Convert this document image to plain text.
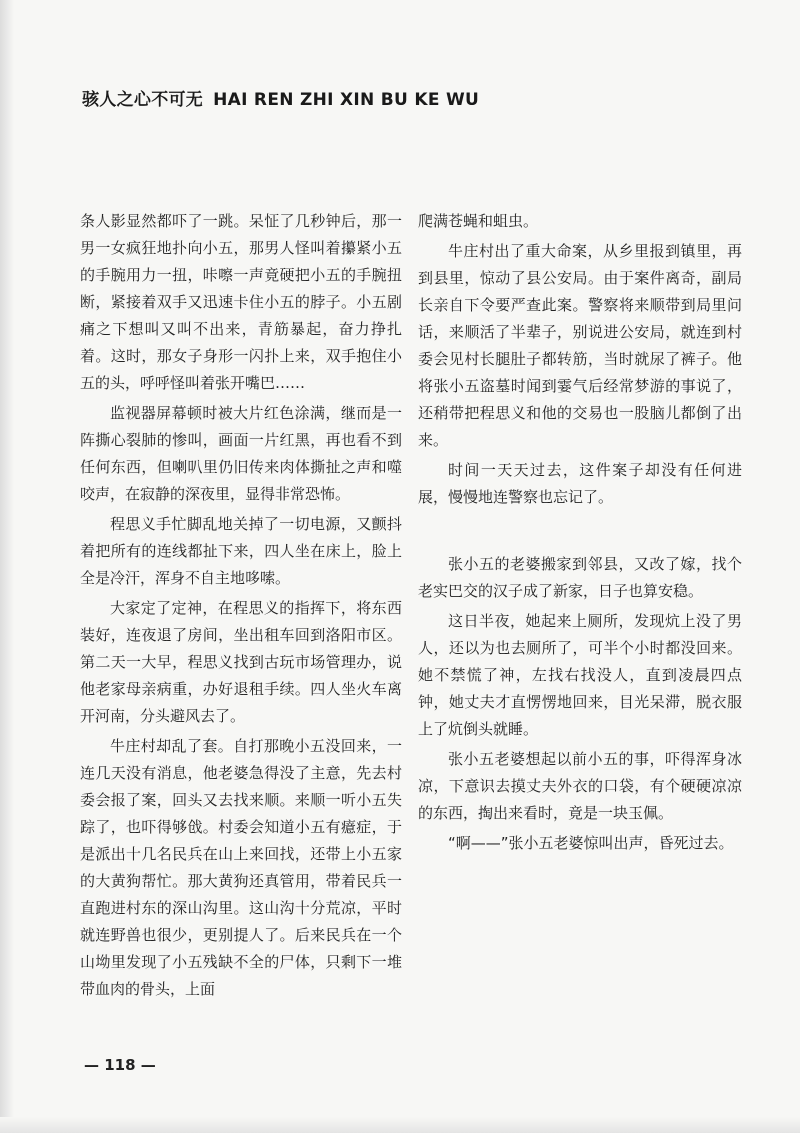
骇人之心不可无 HAI REN ZHI XIN BU KE WU

条人影显然都吓了一跳。呆怔了几秒钟后，那一男一女疯狂地扑向小五，那男人怪叫着攥紧小五的手腕用力一扭，咔嚓一声竟硬把小五的手腕扭断，紧接着双手又迅速卡住小五的脖子。小五剧痛之下想叫又叫不出来，青筋暴起，奋力挣扎着。这时，那女子身形一闪扑上来，双手抱住小五的头，呼呼怪叫着张开嘴巴……

监视器屏幕顿时被大片红色涂满，继而是一阵撕心裂肺的惨叫，画面一片红黑，再也看不到任何东西，但喇叭里仍旧传来肉体撕扯之声和噬咬声，在寂静的深夜里，显得非常恐怖。

程思义手忙脚乱地关掉了一切电源，又颤抖着把所有的连线都扯下来，四人坐在床上，脸上全是冷汗，浑身不自主地哆嗦。

大家定了定神，在程思义的指挥下，将东西装好，连夜退了房间，坐出租车回到洛阳市区。第二天一大早，程思义找到古玩市场管理办，说他老家母亲病重，办好退租手续。四人坐火车离开河南，分头避风去了。

牛庄村却乱了套。自打那晚小五没回来，一连几天没有消息，他老婆急得没了主意，先去村委会报了案，回头又去找来顺。来顺一听小五失踪了，也吓得够戗。村委会知道小五有癔症，于是派出十几名民兵在山上来回找，还带上小五家的大黄狗帮忙。那大黄狗还真管用，带着民兵一直跑进村东的深山沟里。这山沟十分荒凉，平时就连野兽也很少，更别提人了。后来民兵在一个山坳里发现了小五残缺不全的尸体，只剩下一堆带血肉的骨头，上面

爬满苍蝇和蛆虫。

牛庄村出了重大命案，从乡里报到镇里，再到县里，惊动了县公安局。由于案件离奇，副局长亲自下令要严查此案。警察将来顺带到局里问话，来顺活了半辈子，别说进公安局，就连到村委会见村长腿肚子都转筋，当时就尿了裤子。他将张小五盗墓时闻到霎气后经常梦游的事说了，还稍带把程思义和他的交易也一股脑儿都倒了出来。

时间一天天过去，这件案子却没有任何进展，慢慢地连警察也忘记了。

张小五的老婆搬家到邻县，又改了嫁，找个老实巴交的汉子成了新家，日子也算安稳。

这日半夜，她起来上厕所，发现炕上没了男人，还以为也去厕所了，可半个小时都没回来。她不禁慌了神，左找右找没人，直到凌晨四点钟，她丈夫才直愣愣地回来，目光呆滞，脱衣服上了炕倒头就睡。

张小五老婆想起以前小五的事，吓得浑身冰凉，下意识去摸丈夫外衣的口袋，有个硬硬凉凉的东西，掏出来看时，竟是一块玉佩。

“啊——”张小五老婆惊叫出声，昏死过去。

— 118 —
